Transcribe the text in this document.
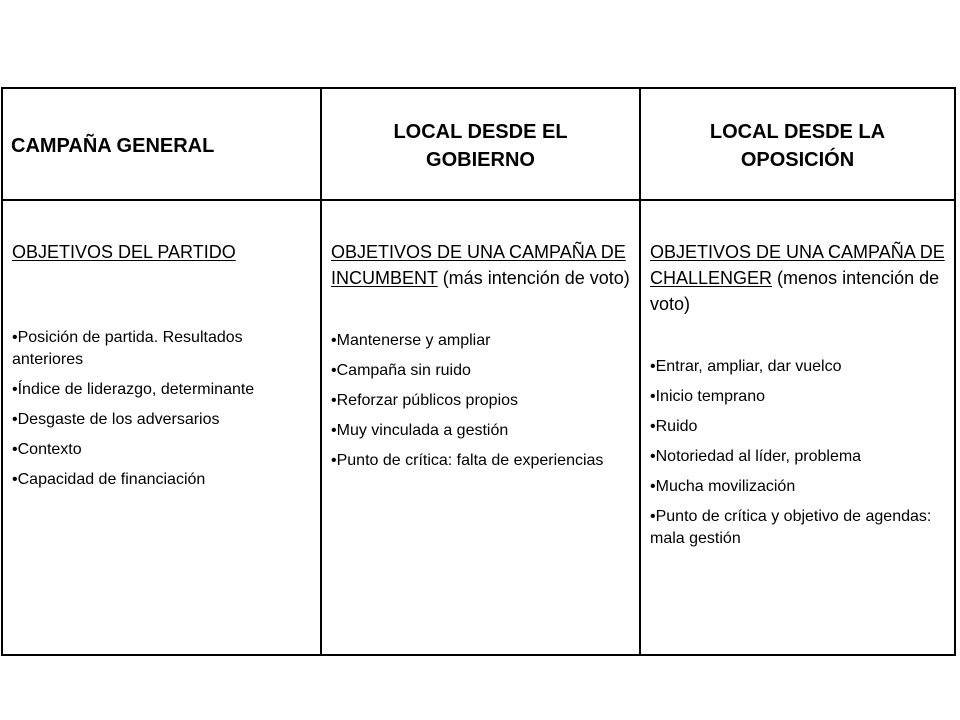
CAMPAÑA GENERAL
LOCAL DESDE EL GOBIERNO
LOCAL DESDE LA OPOSICIÓN

OBJETIVOS DEL PARTIDO

• Posición de partida. Resultados anteriores
• Índice de liderazgo, determinante
• Desgaste de los adversarios
• Contexto
• Capacidad de financiación

OBJETIVOS DE UNA CAMPAÑA DE INCUMBENT (más intención de voto)

• Mantenerse y ampliar
• Campaña sin ruido
• Reforzar públicos propios
• Muy vinculada a gestión
• Punto de crítica: falta de experiencias

OBJETIVOS DE UNA CAMPAÑA DE CHALLENGER (menos intención de voto)

• Entrar, ampliar, dar vuelco
• Inicio temprano
• Ruido
• Notoriedad al líder, problema
• Mucha movilización
• Punto de crítica y objetivo de agendas: mala gestión
